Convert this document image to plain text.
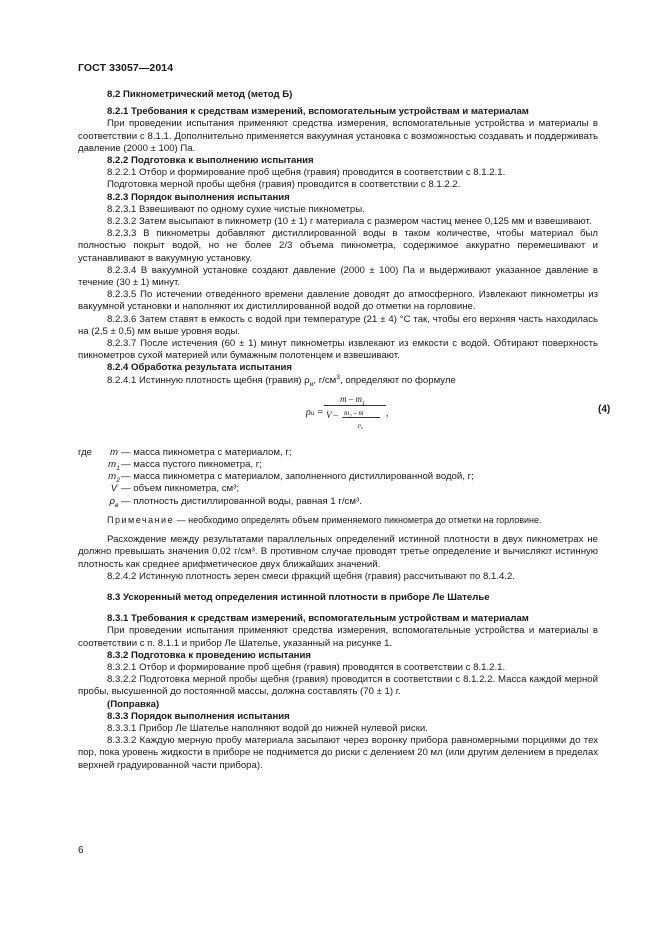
ГОСТ 33057—2014

8.2 Пикнометрический метод (метод Б)

8.2.1 Требования к средствам измерений, вспомогательным устройствам и материалам

При проведении испытания применяют средства измерения, вспомогательные устройства и материалы в соответствии с 8.1.1. Дополнительно применяется вакуумная установка с возможностью создавать и поддерживать давление (2000 ± 100) Па.

8.2.2 Подготовка к выполнению испытания

8.2.2.1 Отбор и формирование проб щебня (гравия) проводится в соответствии с 8.1.2.1.

Подготовка мерной пробы щебня (гравия) проводится в соответствии с 8.1.2.2.

8.2.3 Порядок выполнения испытания

8.2.3.1 Взвешивают по одному сухие чистые пикнометры.

8.2.3.2 Затем высыпают в пикнометр (10 ± 1) г материала с размером частиц менее 0,125 мм и взвешивают.

8.2.3.3 В пикнометры добавляют дистиллированной воды в таком количестве, чтобы материал был полностью покрыт водой, но не более 2/3 объема пикнометра, содержимое аккуратно перемешивают и устанавливают в вакуумную установку.

8.2.3.4 В вакуумной установке создают давление (2000 ± 100) Па и выдерживают указанное давление в течение (30 ± 1) минут.

8.2.3.5 По истечении отведенного времени давление доводят до атмосферного. Извлекают пикнометры из вакуумной установки и наполняют их дистиллированной водой до отметки на горловине.

8.2.3.6 Затем ставят в емкость с водой при температуре (21 ± 4) °С так, чтобы его верхняя часть находилась на (2,5 ± 0,5) мм выше уровня воды.

8.2.3.7 После истечения (60 ± 1) минут пикнометры извлекают из емкости с водой. Обтирают поверхность пикнометров сухой материей или бумажным полотенцем и взвешивают.

8.2.4 Обработка результата испытания

8.2.4.1 Истинную плотность щебня (гравия) $\rho_и$, $г/см^3$, определяют по формуле

ρи =
m – $m_1$
V – $m_2$ – m
$\rho_в$
,	(4)
где	m — масса пикнометра с материалом, г;
$m_1$ — масса пустого пикнометра, г;
$m_2$ — масса пикнометра с материалом, заполненного дистиллированной водой, г;
V — объем пикнометра, см³;
$\rho_в$ — плотность дистиллированной воды, равная 1 г/см³.

Примечание — необходимо определять объем применяемого пикнометра до отметки на горловине.

Расхождение между результатами параллельных определений истинной плотности в двух пикнометрах не должно превышать значения 0,02 г/см³. В противном случае проводят третье определение и вычисляют истинную плотность как среднее арифметическое двух ближайших значений.

8.2.4.2 Истинную плотность зерен смеси фракций щебня (гравия) рассчитывают по 8.1.4.2.

8.3 Ускоренный метод определения истинной плотности в приборе Ле Шателье

8.3.1 Требования к средствам измерений, вспомогательным устройствам и материалам

При проведении испытания применяют средства измерения, вспомогательные устройства и материалы в соответствии с п. 8.1.1 и прибор Ле Шателье, указанный на рисунке 1.

8.3.2 Подготовка к проведению испытания

8.3.2.1 Отбор и формирование проб щебня (гравия) проводятся в соответствии с 8.1.2.1.

8.3.2.2 Подготовка мерной пробы щебня (гравия) проводится в соответствии с 8.1.2.2. Масса каждой мерной пробы, высушенной до постоянной массы, должна составлять (70 ± 1) г.

(Поправка)

8.3.3 Порядок выполнения испытания

8.3.3.1 Прибор Ле Шателье наполняют водой до нижней нулевой риски.

8.3.3.2 Каждую мерную пробу материала засыпают через воронку прибора равномерными порциями до тех пор, пока уровень жидкости в приборе не поднимется до риски с делением 20 мл (или другим делением в пределах верхней градуированной части прибора).

6
